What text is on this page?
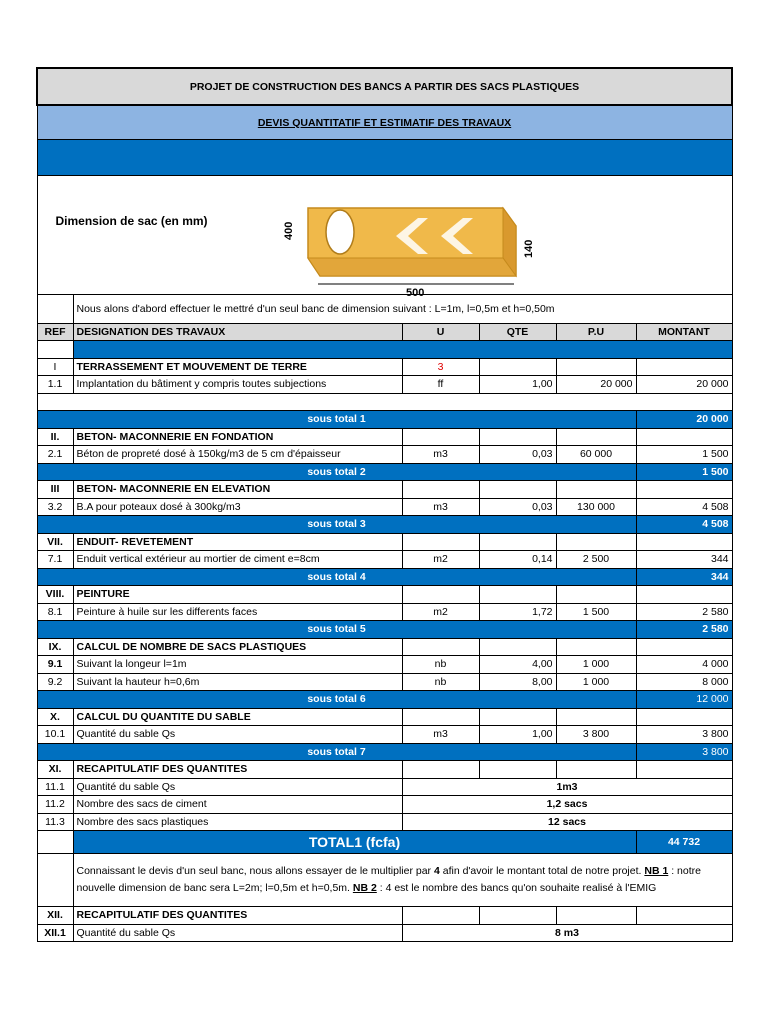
PROJET DE CONSTRUCTION DES BANCS A PARTIR DES SACS PLASTIQUES					
DEVIS QUANTITATIF ET ESTIMATIF DES TRAVAUX					

Dimension de sac (en mm)
400
140
500					

	Nous alons d'abord effectuer le mettré d'un seul banc de dimension suivant : L=1m, l=0,5m et h=0,50m				
REF	DESIGNATION DES TRAVAUX	U	QTE	P.U	MONTANT

I	TERRASSEMENT ET MOUVEMENT DE TERRE	3			
1.1	Implantation du bâtiment y compris toutes subjections	ff	1,00	20 000	20 000

sous total 1					20 000
II.	BETON- MACONNERIE EN FONDATION				
2.1	Béton de propreté dosé à 150kg/m3 de 5 cm d'épaisseur	m3	0,03	60 000	1 500
sous total 2					1 500
III	BETON- MACONNERIE EN ELEVATION				
3.2	B.A pour poteaux dosé à 300kg/m3	m3	0,03	130 000	4 508
sous total 3					4 508
VII.	ENDUIT- REVETEMENT				
7.1	Enduit vertical extérieur au mortier de ciment e=8cm	m2	0,14	2 500	344
sous total 4					344
VIII.	PEINTURE				
8.1	Peinture à huile sur les differents faces	m2	1,72	1 500	2 580
sous total 5					2 580
IX.	CALCUL DE NOMBRE DE SACS PLASTIQUES				
9.1	Suivant la longeur l=1m	nb	4,00	1 000	4 000
9.2	Suivant la hauteur h=0,6m	nb	8,00	1 000	8 000
sous total 6					12 000
X.	CALCUL DU QUANTITE DU SABLE				
10.1	Quantité du sable Qs	m3	1,00	3 800	3 800
sous total 7					3 800
XI.	RECAPITULATIF DES QUANTITES				
11.1	Quantité du sable Qs	1m3			
11.2	Nombre des sacs de ciment	1,2 sacs			
11.3	Nombre des sacs plastiques	12 sacs			
	TOTAL1 (fcfa)				44 732
	Connaissant le devis d'un seul banc, nous allons essayer de le multiplier par 4 afin d'avoir le montant total de notre projet. NB 1 : notre nouvelle dimension de banc sera L=2m; l=0,5m et h=0,5m. NB 2 : 4 est le nombre des bancs qu'on souhaite realisé à l'EMIG				
XII.	RECAPITULATIF DES QUANTITES				
XII.1	Quantité du sable Qs	8 m3			
